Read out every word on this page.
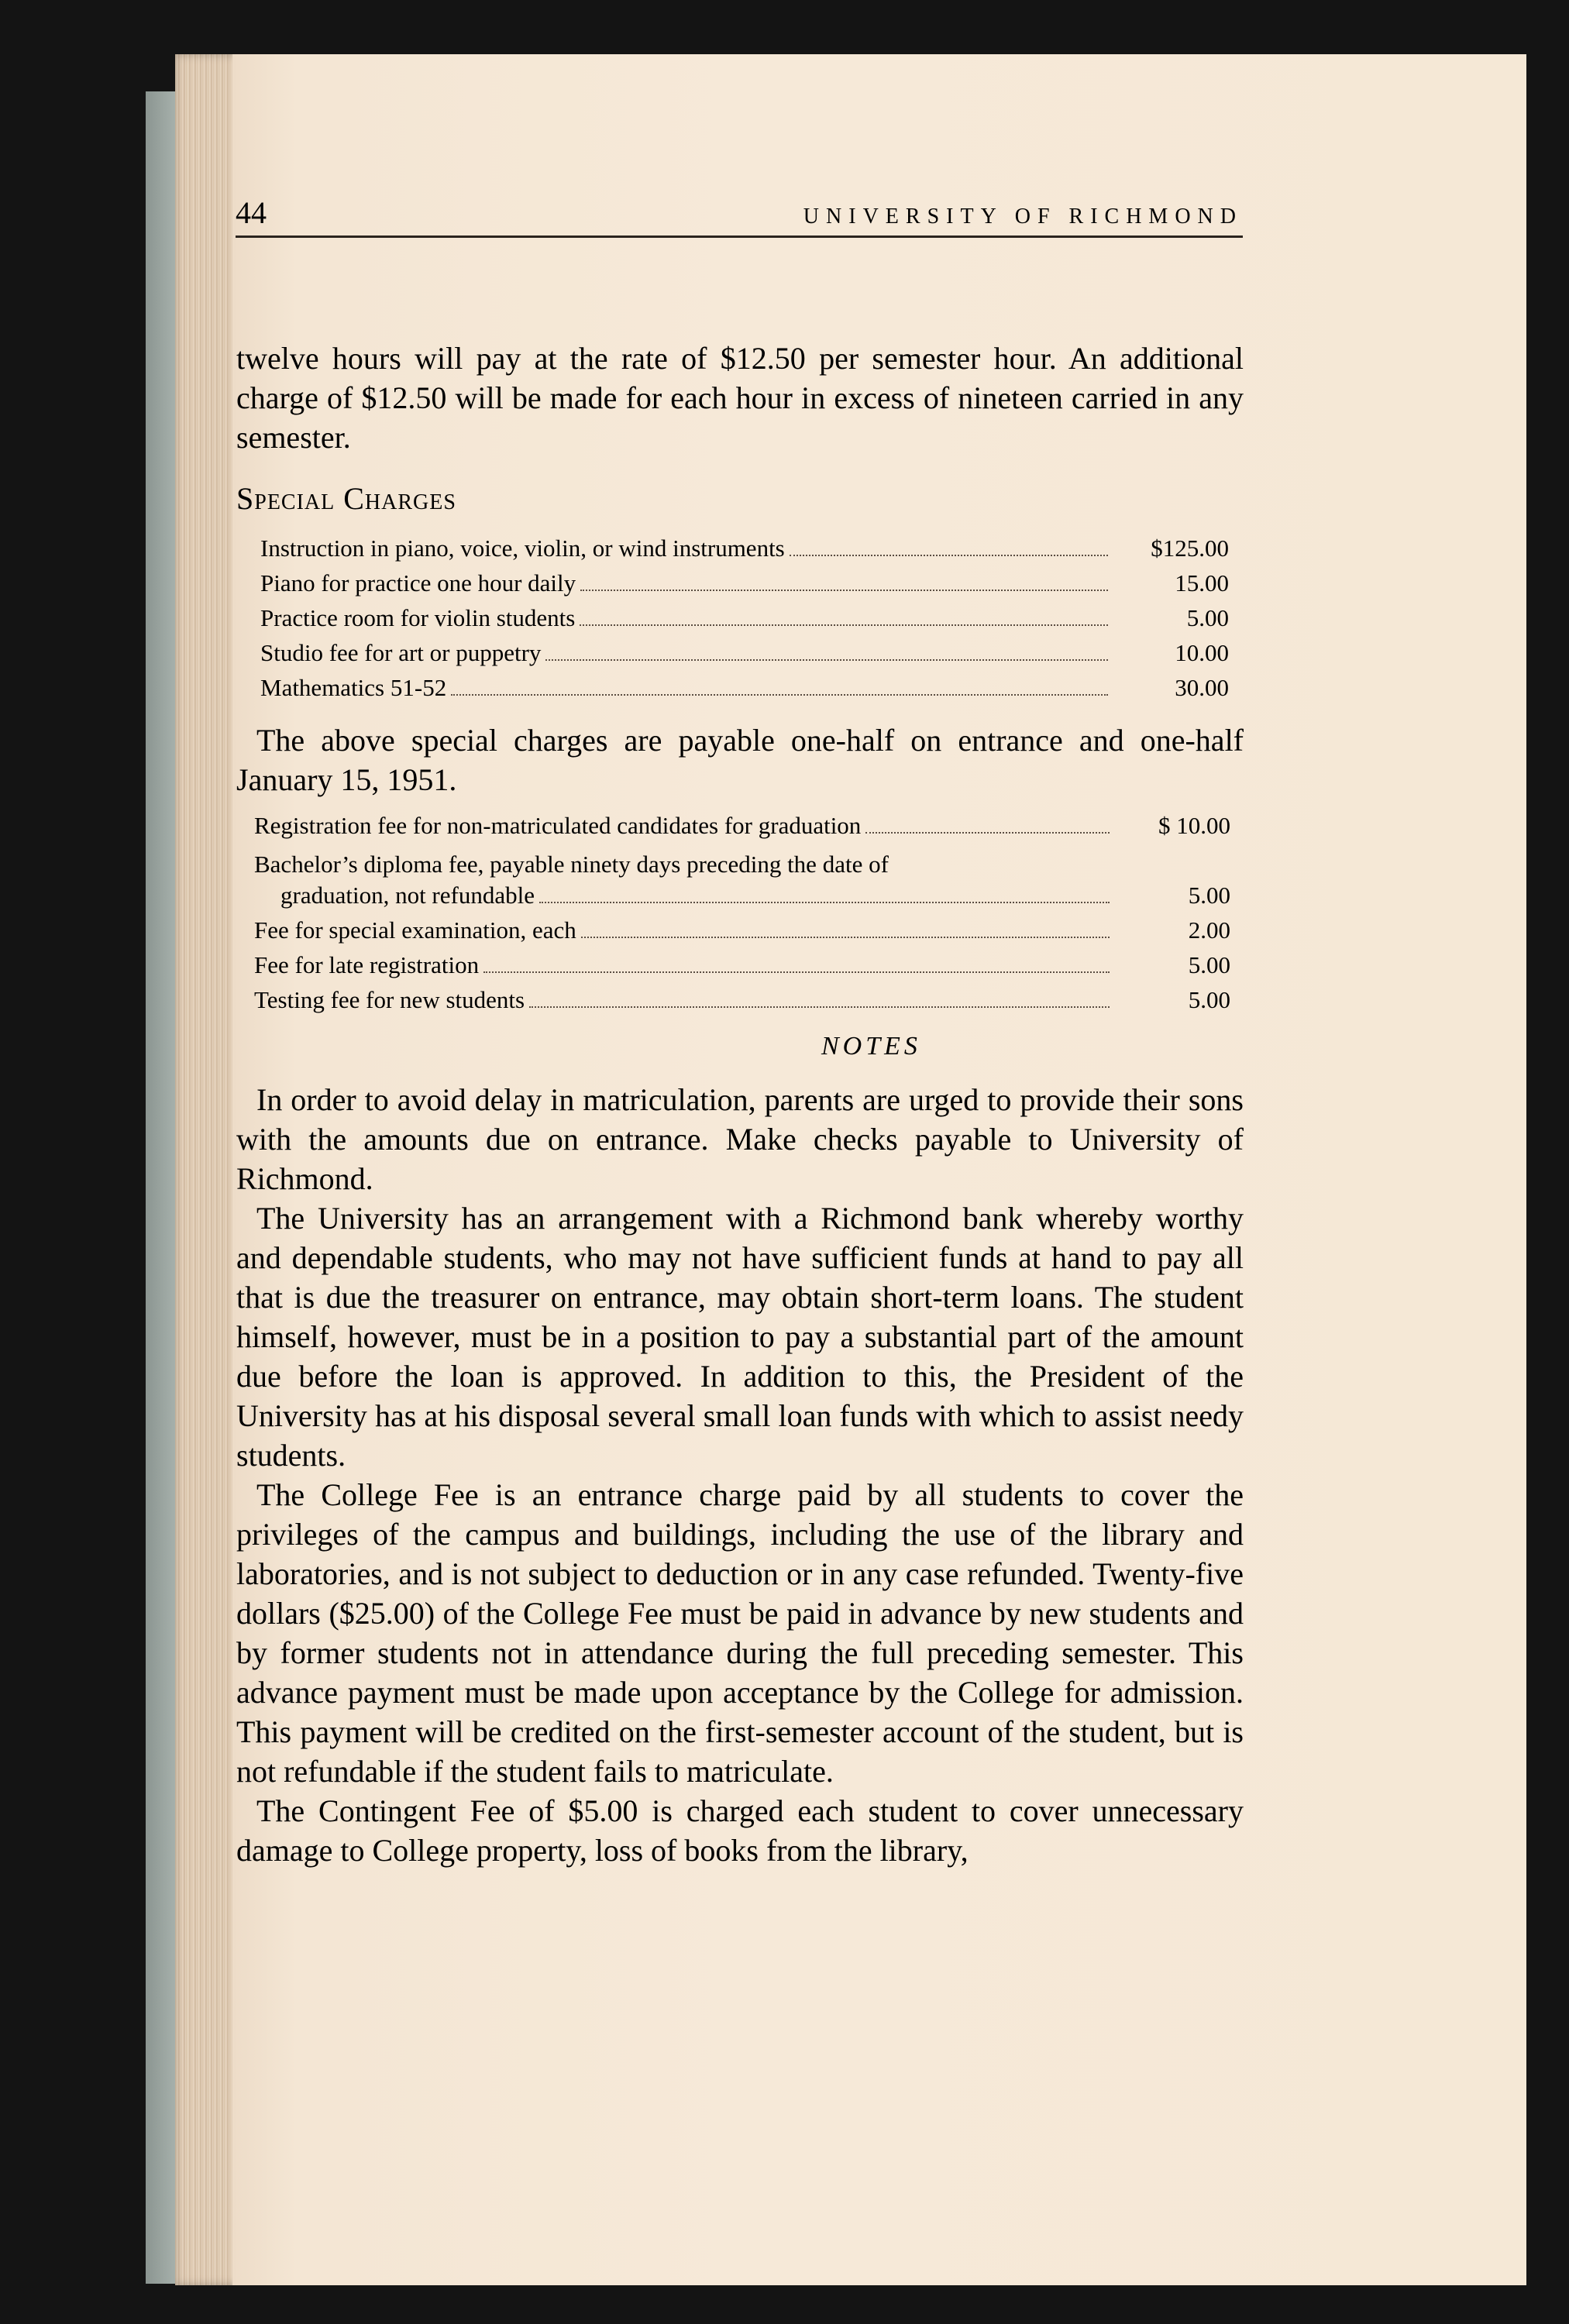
44	UNIVERSITY OF RICHMOND

twelve hours will pay at the rate of $12.50 per semester hour. An additional charge of $12.50 will be made for each hour in excess of nineteen carried in any semester.

Special Charges
Instruction in piano, voice, violin, or wind instruments	$125.00
Piano for practice one hour daily	15.00
Practice room for violin students	5.00
Studio fee for art or puppetry	10.00
Mathematics 51-52	30.00

The above special charges are payable one-half on entrance and one-half January 15, 1951.

Registration fee for non-matriculated candidates for graduation	$ 10.00
Bachelor’s diploma fee, payable ninety days preceding the date of
graduation, not refundable	5.00
Fee for special examination, each	2.00
Fee for late registration	5.00
Testing fee for new students	5.00
NOTES

In order to avoid delay in matriculation, parents are urged to provide their sons with the amounts due on entrance. Make checks payable to University of Richmond.

The University has an arrangement with a Richmond bank whereby worthy and dependable students, who may not have sufficient funds at hand to pay all that is due the treasurer on entrance, may obtain short-term loans. The student himself, however, must be in a position to pay a substantial part of the amount due before the loan is approved. In addition to this, the President of the University has at his disposal several small loan funds with which to assist needy students.

The College Fee is an entrance charge paid by all students to cover the privileges of the campus and buildings, including the use of the library and laboratories, and is not subject to deduction or in any case refunded. Twenty-five dollars ($25.00) of the College Fee must be paid in advance by new students and by former students not in attendance during the full preceding semester. This advance payment must be made upon acceptance by the College for admission. This payment will be credited on the first-semester account of the student, but is not refundable if the student fails to matriculate.

The Contingent Fee of $5.00 is charged each student to cover unnecessary damage to College property, loss of books from the library,
